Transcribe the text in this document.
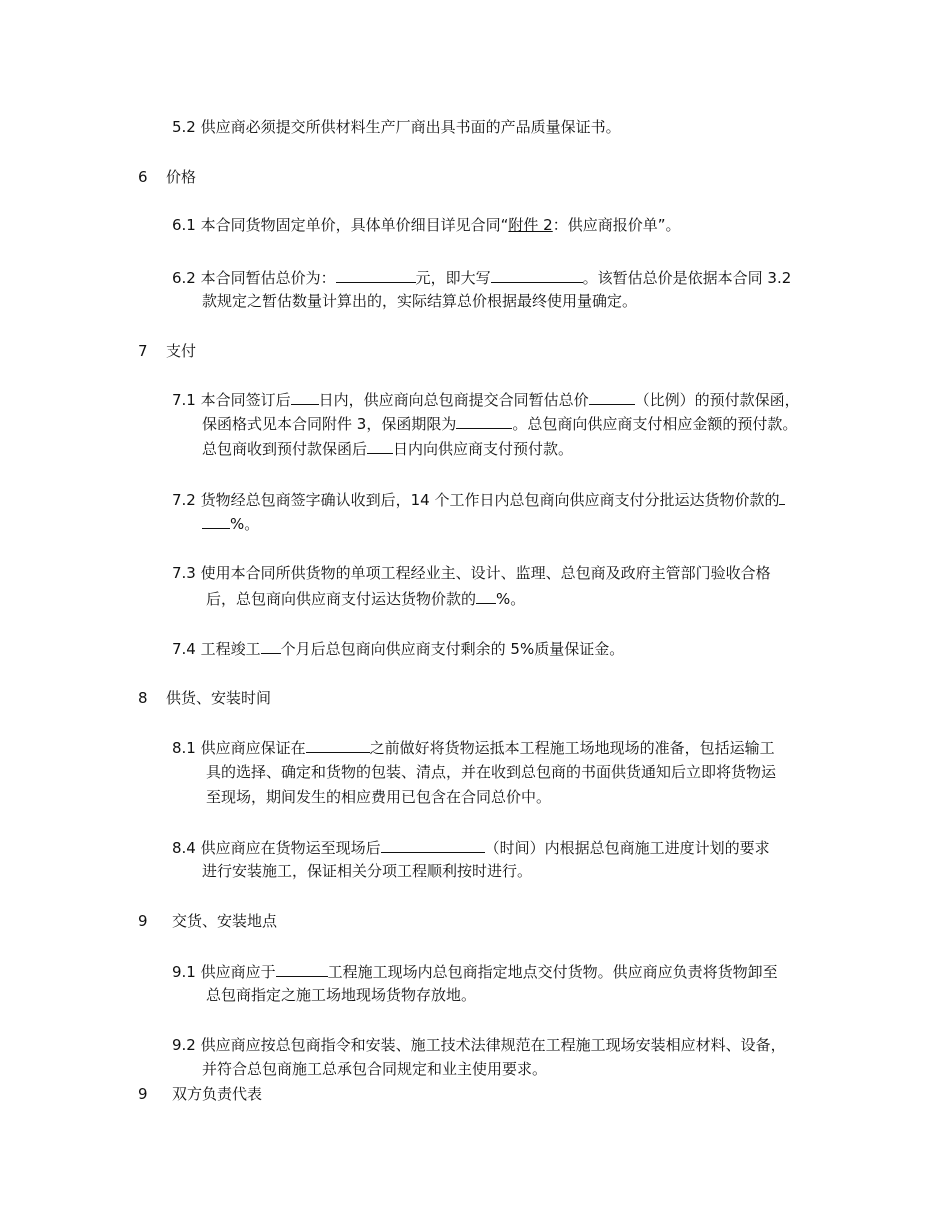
5.2 供应商必须提交所供材料生产厂商出具书面的产品质量保证书。
6 价格
6.1 本合同货物固定单价，具体单价细目详见合同“附件 2：供应商报价单”。
6.2 本合同暂估总价为：	元，即大写	。该暂估总价是依据本合同 3.2
款规定之暂估数量计算出的，实际结算总价根据最终使用量确定。
7 支付
7.1 本合同签订后 日内，供应商向总包商提交合同暂估总价	（比例）的预付款保函，
保函格式见本合同附件 3，保函期限为	。总包商向供应商支付相应金额的预付款。
总包商收到预付款保函后 日内向供应商支付预付款。
7.2 货物经总包商签字确认收到后，14 个工作日内总包商向供应商支付分批运达货物价款的
%。
7.3 使用本合同所供货物的单项工程经业主、设计、监理、总包商及政府主管部门验收合格
后，总包商向供应商支付运达货物价款的 %。
7.4 工程竣工 个月后总包商向供应商支付剩余的 5%质量保证金。
8 供货、安装时间
8.1 供应商应保证在	之前做好将货物运抵本工程施工场地现场的准备，包括运输工
具的选择、确定和货物的包装、清点，并在收到总包商的书面供货通知后立即将货物运
至现场，期间发生的相应费用已包含在合同总价中。
8.4 供应商应在货物运至现场后	（时间）内根据总包商施工进度计划的要求
进行安装施工，保证相关分项工程顺利按时进行。
9 交货、安装地点
9.1 供应商应于	工程施工现场内总包商指定地点交付货物。供应商应负责将货物卸至
总包商指定之施工场地现场货物存放地。
9.2 供应商应按总包商指令和安装、施工技术法律规范在工程施工现场安装相应材料、设备，
并符合总包商施工总承包合同规定和业主使用要求。
9 双方负责代表
